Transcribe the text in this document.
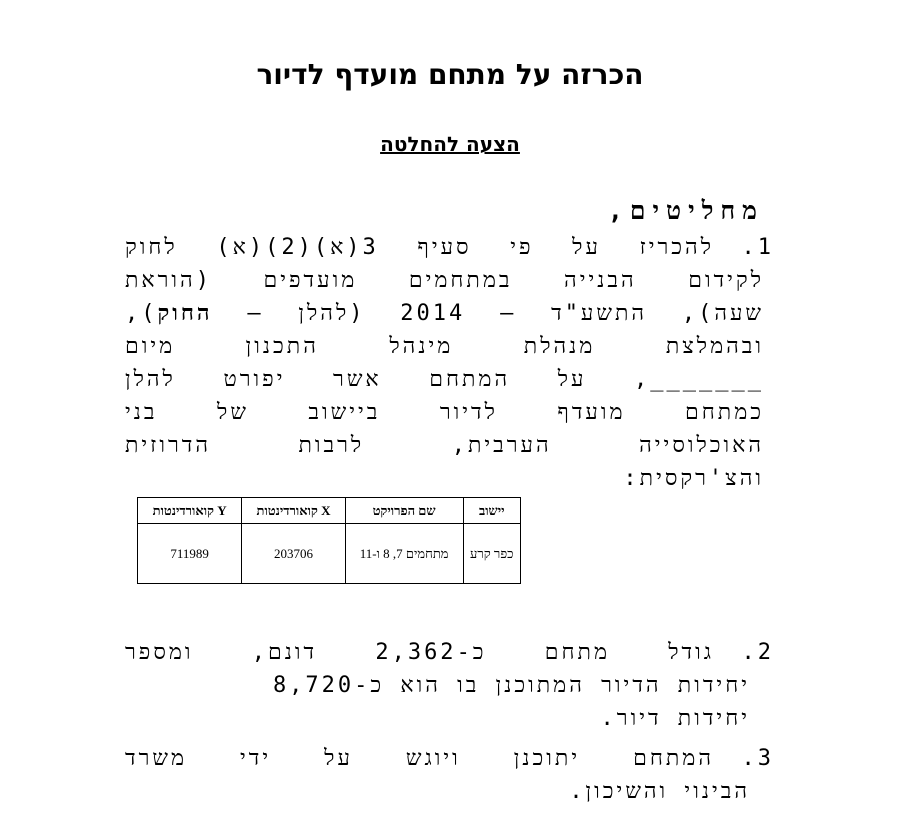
הכרזה על מתחם מועדף לדיור
הצעה להחלטה
מחליטים,
1.
להכריז על פי סעיף 3(א)(2)(א) לחוק
לקידום הבנייה במתחמים מועדפים (הוראת
שעה), התשע"ד – 2014 (להלן – החוק),
ובהמלצת מנהלת מינהל התכנון מיום
_______, על המתחם אשר יפורט להלן
כמתחם מועדף לדיור ביישוב של בני
האוכלוסייה הערבית, לרבות הדרוזית
והצ'רקסית:
יישוב	שם הפרויקט	X קואורדינטות	Y קואורדינטות
כפר קרע	מתחמים 7, 8 ו-11	203706	711989
2.
גודל מתחם כ-2,362 דונם, ומספר
יחידות הדיור המתוכנן בו הוא כ-8,720
יחידות דיור.
3.
המתחם יתוכנן ויוגש על ידי משרד
הבינוי והשיכון.
